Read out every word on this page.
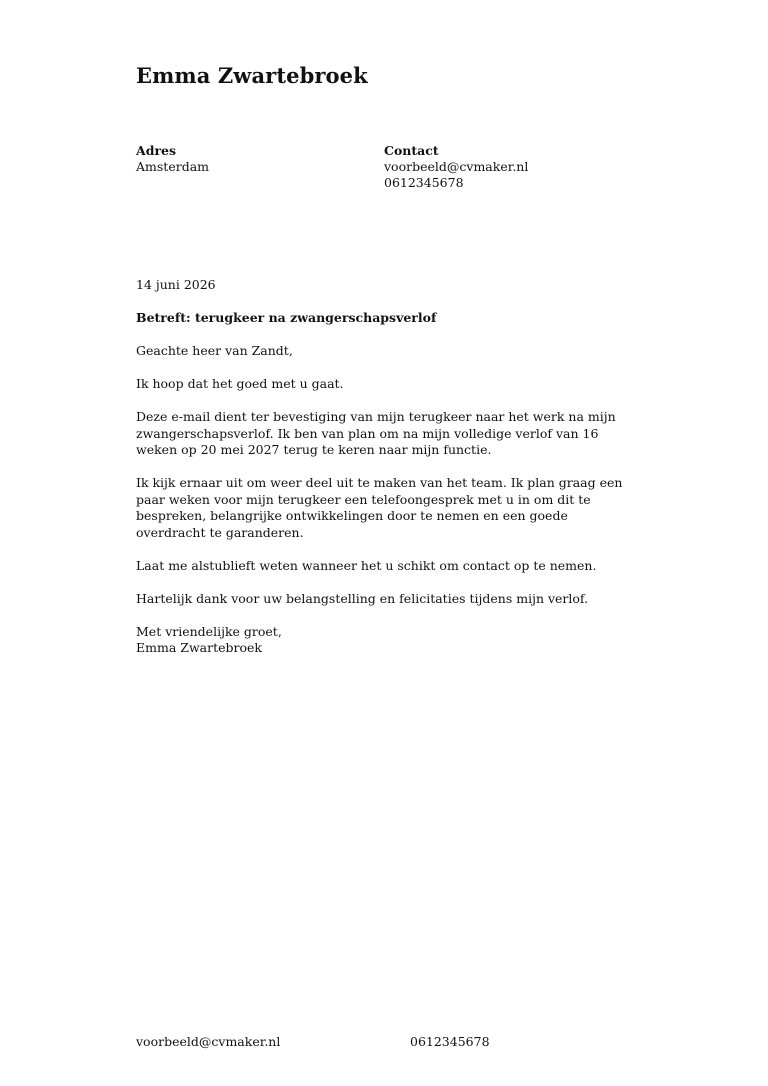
Emma Zwartebroek
Adres
Amsterdam
Contact
voorbeeld@cvmaker.nl
0612345678

14 juni 2026

Betreft: terugkeer na zwangerschapsverlof

Geachte heer van Zandt,

Ik hoop dat het goed met u gaat.

Deze e-mail dient ter bevestiging van mijn terugkeer naar het werk na mijn zwangerschapsverlof. Ik ben van plan om na mijn volledige verlof van 16 weken op 20 mei 2027 terug te keren naar mijn functie.

Ik kijk ernaar uit om weer deel uit te maken van het team. Ik plan graag een paar weken voor mijn terugkeer een telefoongesprek met u in om dit te bespreken, belangrijke ontwikkelingen door te nemen en een goede overdracht te garanderen.

Laat me alstublieft weten wanneer het u schikt om contact op te nemen.

Hartelijk dank voor uw belangstelling en felicitaties tijdens mijn verlof.

Met vriendelijke groet,
Emma Zwartebroek

voorbeeld@cvmaker.nl	0612345678
